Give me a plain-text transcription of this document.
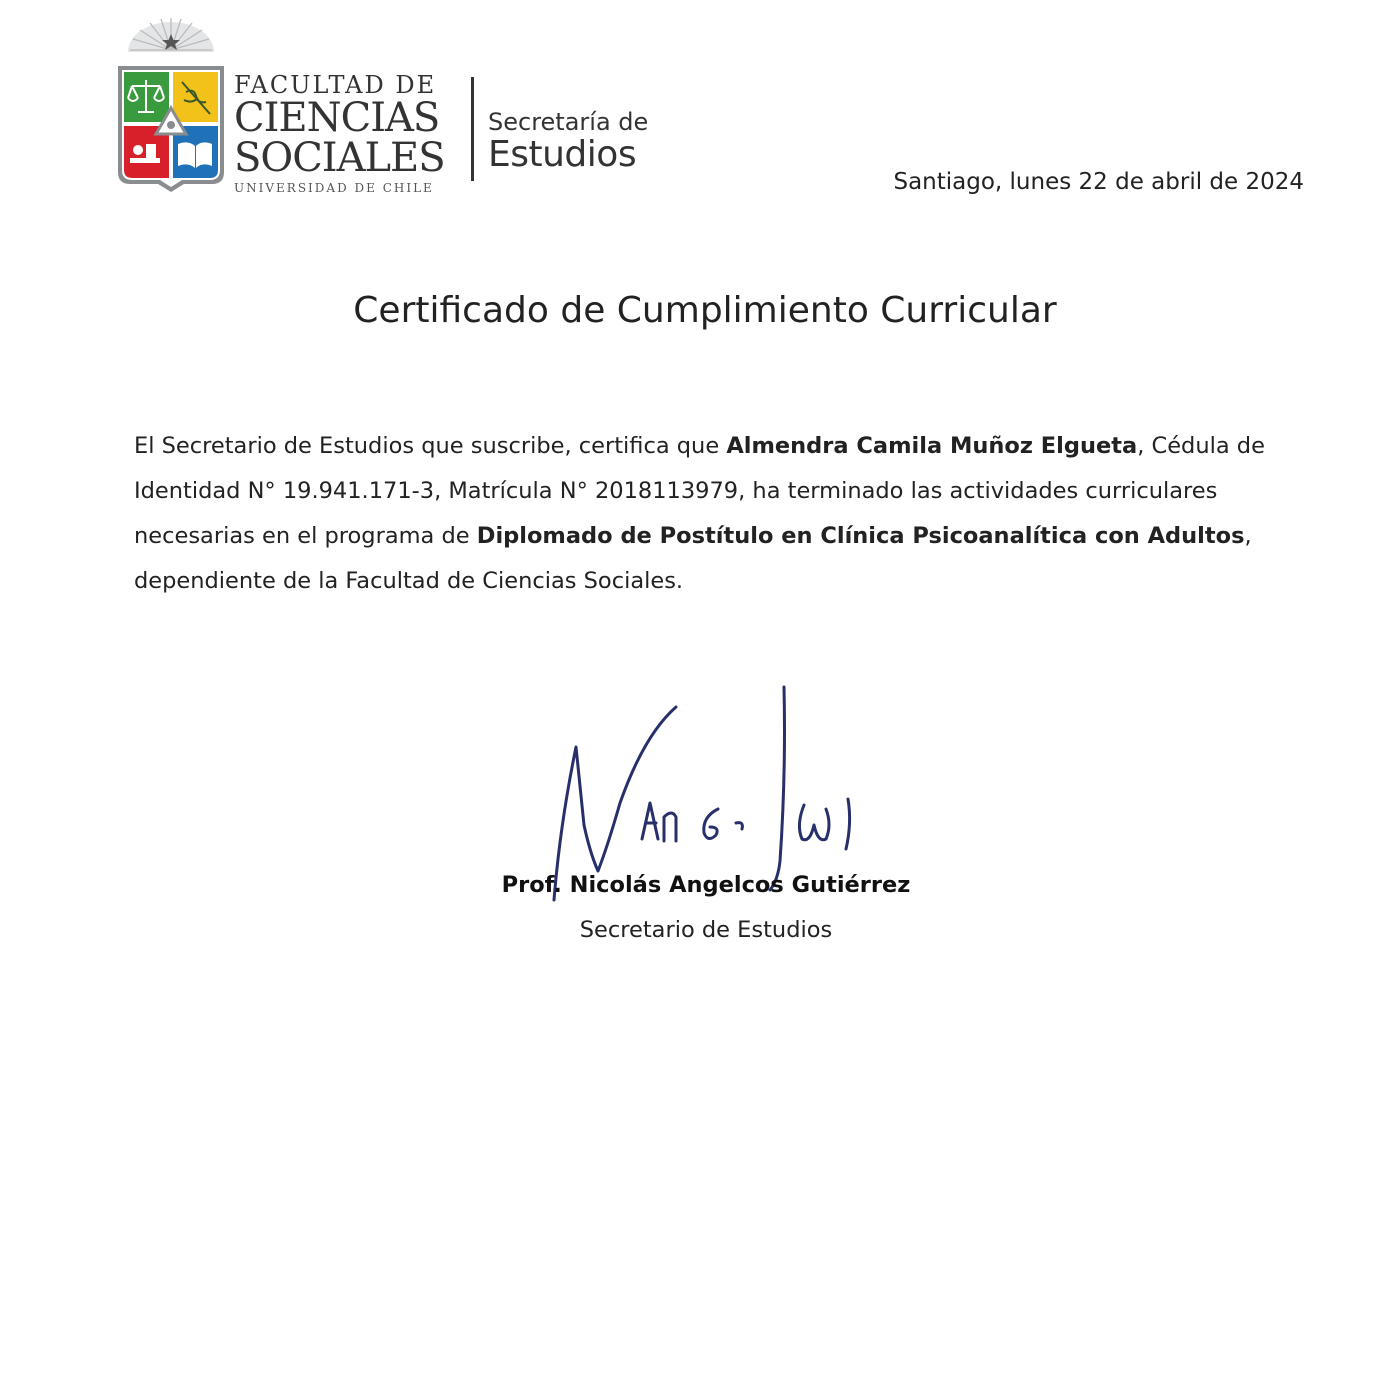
FACULTAD DE
CIENCIAS
SOCIALES
UNIVERSIDAD DE CHILE
Secretaría de
Estudios
Santiago, lunes 22 de abril de 2024
Certificado de Cumplimiento Curricular
El Secretario de Estudios que suscribe, certifica que Almendra Camila Muñoz Elgueta, Cédula de Identidad N° 19.941.171-3, Matrícula N° 2018113979, ha terminado las actividades curriculares necesarias en el programa de Diplomado de Postítulo en Clínica Psicoanalítica con Adultos, dependiente de la Facultad de Ciencias Sociales.
Prof. Nicolás Angelcos Gutiérrez
Secretario de Estudios
